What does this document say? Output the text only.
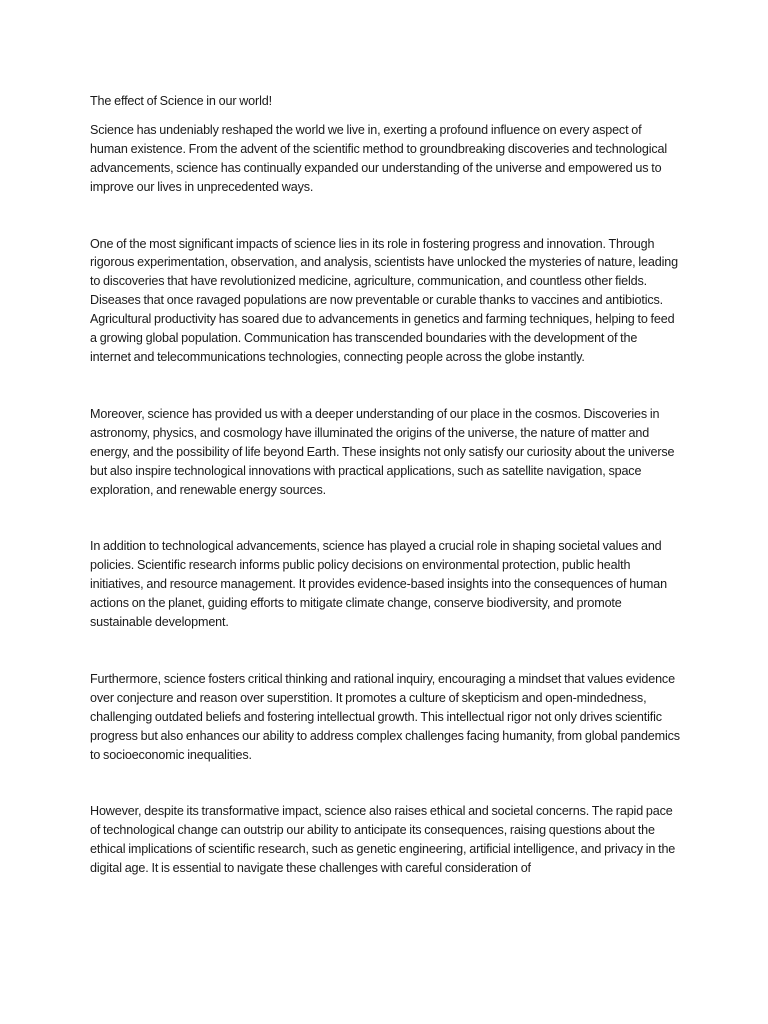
The effect of Science in our world!

Science has undeniably reshaped the world we live in, exerting a profound influence on every aspect of human existence. From the advent of the scientific method to groundbreaking discoveries and technological advancements, science has continually expanded our understanding of the universe and empowered us to improve our lives in unprecedented ways.

One of the most significant impacts of science lies in its role in fostering progress and innovation. Through rigorous experimentation, observation, and analysis, scientists have unlocked the mysteries of nature, leading to discoveries that have revolutionized medicine, agriculture, communication, and countless other fields. Diseases that once ravaged populations are now preventable or curable thanks to vaccines and antibiotics. Agricultural productivity has soared due to advancements in genetics and farming techniques, helping to feed a growing global population. Communication has transcended boundaries with the development of the internet and telecommunications technologies, connecting people across the globe instantly.

Moreover, science has provided us with a deeper understanding of our place in the cosmos. Discoveries in astronomy, physics, and cosmology have illuminated the origins of the universe, the nature of matter and energy, and the possibility of life beyond Earth. These insights not only satisfy our curiosity about the universe but also inspire technological innovations with practical applications, such as satellite navigation, space exploration, and renewable energy sources.

In addition to technological advancements, science has played a crucial role in shaping societal values and policies. Scientific research informs public policy decisions on environmental protection, public health initiatives, and resource management. It provides evidence-based insights into the consequences of human actions on the planet, guiding efforts to mitigate climate change, conserve biodiversity, and promote sustainable development.

Furthermore, science fosters critical thinking and rational inquiry, encouraging a mindset that values evidence over conjecture and reason over superstition. It promotes a culture of skepticism and open-mindedness, challenging outdated beliefs and fostering intellectual growth. This intellectual rigor not only drives scientific progress but also enhances our ability to address complex challenges facing humanity, from global pandemics to socioeconomic inequalities.

However, despite its transformative impact, science also raises ethical and societal concerns. The rapid pace of technological change can outstrip our ability to anticipate its consequences, raising questions about the ethical implications of scientific research, such as genetic engineering, artificial intelligence, and privacy in the digital age. It is essential to navigate these challenges with careful consideration of
